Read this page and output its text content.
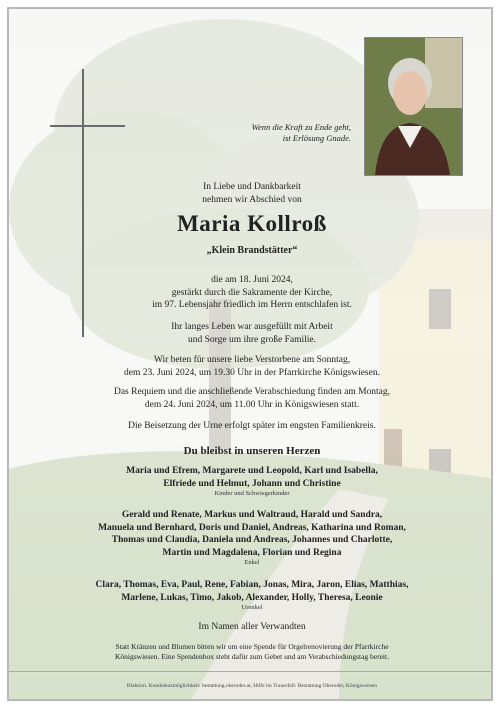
Wenn die Kraft zu Ende geht,
ist Erlösung Gnade.
In Liebe und Dankbarkeit
nehmen wir Abschied von
Maria Kollroß
„Klein Brandstätter“
die am 18. Juni 2024,
gestärkt durch die Sakramente der Kirche,
im 97. Lebensjahr friedlich im Herrn entschlafen ist.
Ihr langes Leben war ausgefüllt mit Arbeit
und Sorge um ihre große Familie.
Wir beten für unsere liebe Verstorbene am Sonntag,
dem 23. Juni 2024, um 19.30 Uhr in der Pfarrkirche Königswiesen.
Das Requiem und die anschließende Verabschiedung finden am Montag,
dem 24. Juni 2024, um 11.00 Uhr in Königswiesen statt.
Die Beisetzung der Urne erfolgt später im engsten Familienkreis.
Du bleibst in unseren Herzen
Maria und Efrem, Margarete und Leopold, Karl und Isabella,
Elfriede und Helmut, Johann und Christine
Kinder und Schwiegerkinder
Gerald und Renate, Markus und Waltraud, Harald und Sandra,
Manuela und Bernhard, Doris und Daniel, Andreas, Katharina und Roman,
Thomas und Claudia, Daniela und Andreas, Johannes und Charlotte,
Martin und Magdalena, Florian und Regina
Enkel
Clara, Thomas, Eva, Paul, Rene, Fabian, Jonas, Mira, Jaron, Elias, Matthias,
Marlene, Lukas, Timo, Jakob, Alexander, Holly, Theresa, Leonie
Urenkel
Im Namen aller Verwandten
Statt Kränzen und Blumen bitten wir um eine Spende für Orgelrenovierung der Pfarrkirche
Königswiesen. Eine Spendenbox steht dafür zum Gebet und am Verabschiedungstag bereit.
Blaktion. Kondolenzmöglichkeit: bestattung.oberoder.at, Hilfe im Trauerfall: Bestattung Oberoder, Königswiesen
